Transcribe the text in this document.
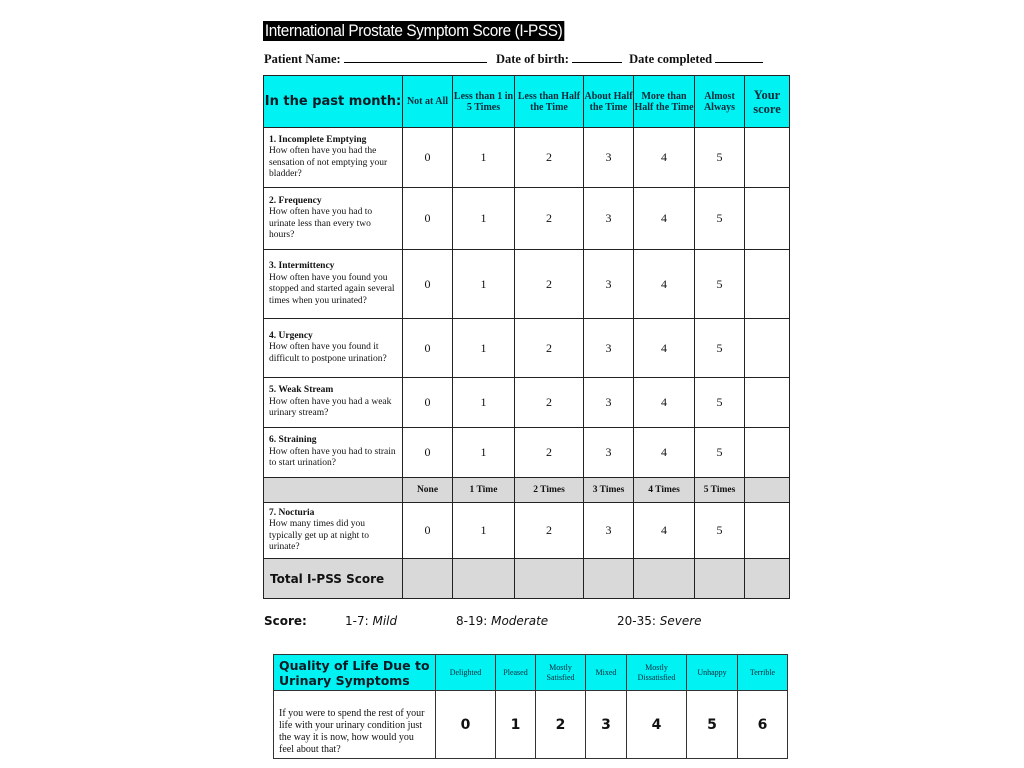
International Prostate Symptom Score (I-PSS)
Patient Name:	Date of birth:	Date completed
In the past month:	Not at All	Less than 1 in 5 Times	Less than Half the Time	About Half the Time	More than Half the Time	Almost Always	Your score

1. Incomplete Emptying
How often have you had the sensation of not emptying your bladder?	0	1	2	3	4	5	

2. Frequency
How often have you had to urinate less than every two hours?	0	1	2	3	4	5	

3. Intermittency
How often have you found you stopped and started again several times when you urinated?	0	1	2	3	4	5	

4. Urgency
How often have you found it difficult to postpone urination?	0	1	2	3	4	5	

5. Weak Stream
How often have you had a weak urinary stream?	0	1	2	3	4	5	

6. Straining
How often have you had to strain to start urination?	0	1	2	3	4	5	
	None	1 Time	2 Times	3 Times	4 Times	5 Times	

7. Nocturia
How many times did you typically get up at night to urinate?	0	1	2	3	4	5	
Total I-PSS Score							
Score:	1-7: Mild	8-19: Moderate	20-35: Severe
Quality of Life Due to Urinary Symptoms	Delighted	Pleased	Mostly Satisfied	Mixed	Mostly Dissatisfied	Unhappy	Terrible
If you were to spend the rest of your life with your urinary condition just the way it is now, how would you feel about that?	0	1	2	3	4	5	6
